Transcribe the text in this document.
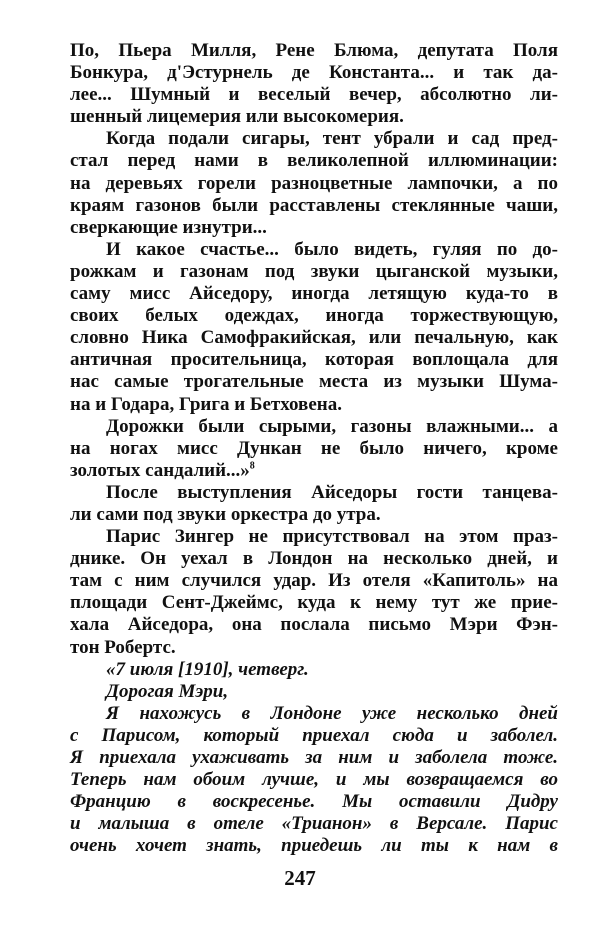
По, Пьера Милля, Рене Блюма, депутата Поля
Бонкура, д'Эстурнель де Константа... и так да-
лее... Шумный и веселый вечер, абсолютно ли-
шенный лицемерия или высокомерия.
Когда подали сигары, тент убрали и сад пред-
стал перед нами в великолепной иллюминации:
на деревьях горели разноцветные лампочки, а по
краям газонов были расставлены стеклянные чаши,
сверкающие изнутри...
И какое счастье... было видеть, гуляя по до-
рожкам и газонам под звуки цыганской музыки,
саму мисс Айседору, иногда летящую куда-то в
своих белых одеждах, иногда торжествующую,
словно Ника Самофракийская, или печальную, как
античная просительница, которая воплощала для
нас самые трогательные места из музыки Шума-
на и Годара, Грига и Бетховена.
Дорожки были сырыми, газоны влажными... а
на ногах мисс Дункан не было ничего, кроме
золотых сандалий...»$^8$
После выступления Айседоры гости танцева-
ли сами под звуки оркестра до утра.
Парис Зингер не присутствовал на этом праз-
днике. Он уехал в Лондон на несколько дней, и
там с ним случился удар. Из отеля «Капитоль» на
площади Сент-Джеймс, куда к нему тут же прие-
хала Айседора, она послала письмо Мэри Фэн-
тон Робертс.
«7 июля [1910], четверг.
Дорогая Мэри,
Я нахожусь в Лондоне уже несколько дней
с Парисом, который приехал сюда и заболел.
Я приехала ухаживать за ним и заболела тоже.
Теперь нам обоим лучше, и мы возвращаемся во
Францию в воскресенье. Мы оставили Дидру
и малыша в отеле «Трианон» в Версале. Парис
очень хочет знать, приедешь ли ты к нам в
247
